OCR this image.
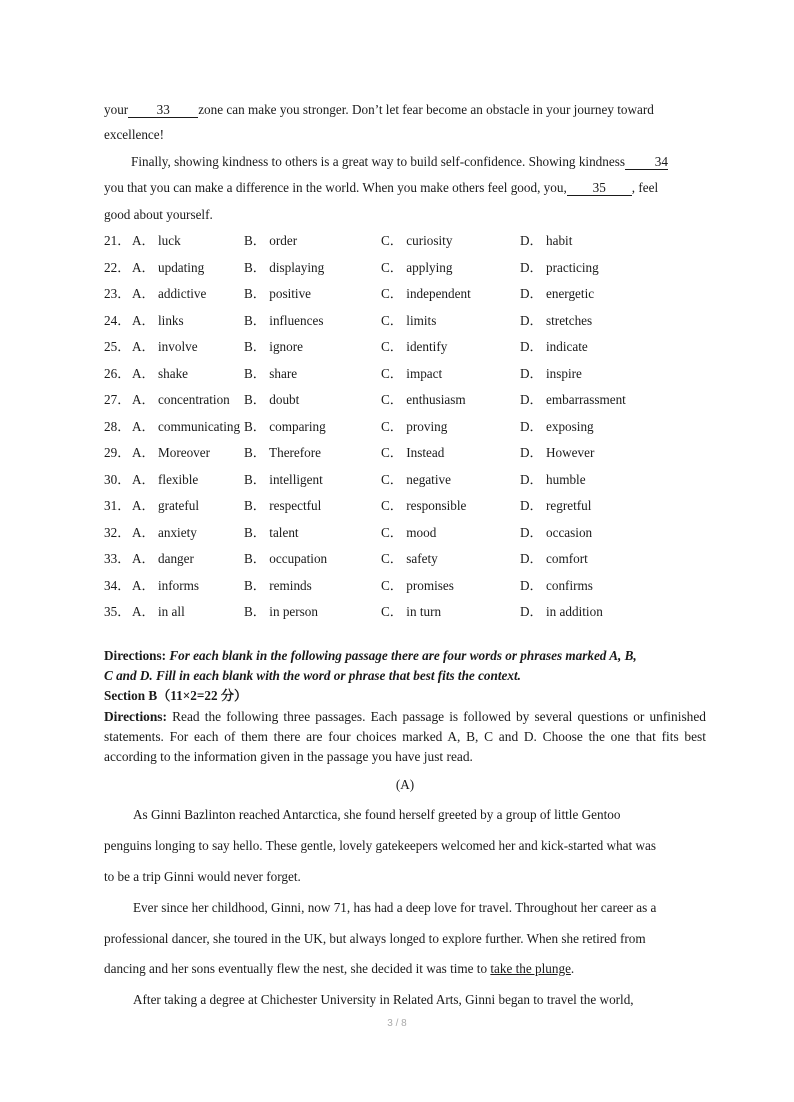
your 33 zone can make you stronger. Don’t let fear become an obstacle in your journey toward
excellence!
Finally, showing kindness to others is a great way to build self-confidence. Showing kindness 34
you that you can make a difference in the world. When you make others feel good, you, 35 , feel
good about yourself.
21． A． luck	B． order	C． curiosity	D． habit
22． A． updating	B． displaying	C． applying	D． practicing
23． A． addictive	B． positive	C． independent	D． energetic
24． A． links	B． influences	C． limits	D． stretches
25． A． involve	B． ignore	C． identify	D． indicate
26． A． shake	B． share	C． impact	D． inspire
27． A． concentration B． doubt	C． enthusiasm	D． embarrassment
28． A． communicating B． comparing	C． proving	D． exposing
29． A． Moreover	B． Therefore	C． Instead	D． However
30． A． flexible	B． intelligent	C． negative	D． humble
31． A． grateful	B． respectful	C． responsible	D． regretful
32． A． anxiety	B． talent	C． mood	D． occasion
33． A． danger	B． occupation	C． safety	D． comfort
34． A． informs	B． reminds	C． promises	D． confirms
35． A． in all	B． in person	C． in turn	D． in addition
Directions: For each blank in the following passage there are four words or phrases marked A, B,
C and D. Fill in each blank with the word or phrase that best fits the context.
Section B（11×2=22 分）
Directions: Read the following three passages. Each passage is followed by several questions or unfinished statements. For each of them there are four choices marked A, B, C and D. Choose the one that fits best according to the information given in the passage you have just read.
(A)
As Ginni Bazlinton reached Antarctica, she found herself greeted by a group of little Gentoo
penguins longing to say hello. These gentle, lovely gatekeepers welcomed her and kick-started what was
to be a trip Ginni would never forget.
Ever since her childhood, Ginni, now 71, has had a deep love for travel. Throughout her career as a
professional dancer, she toured in the UK, but always longed to explore further. When she retired from
dancing and her sons eventually flew the nest, she decided it was time to take the plunge.
After taking a degree at Chichester University in Related Arts, Ginni began to travel the world,
3 / 8
